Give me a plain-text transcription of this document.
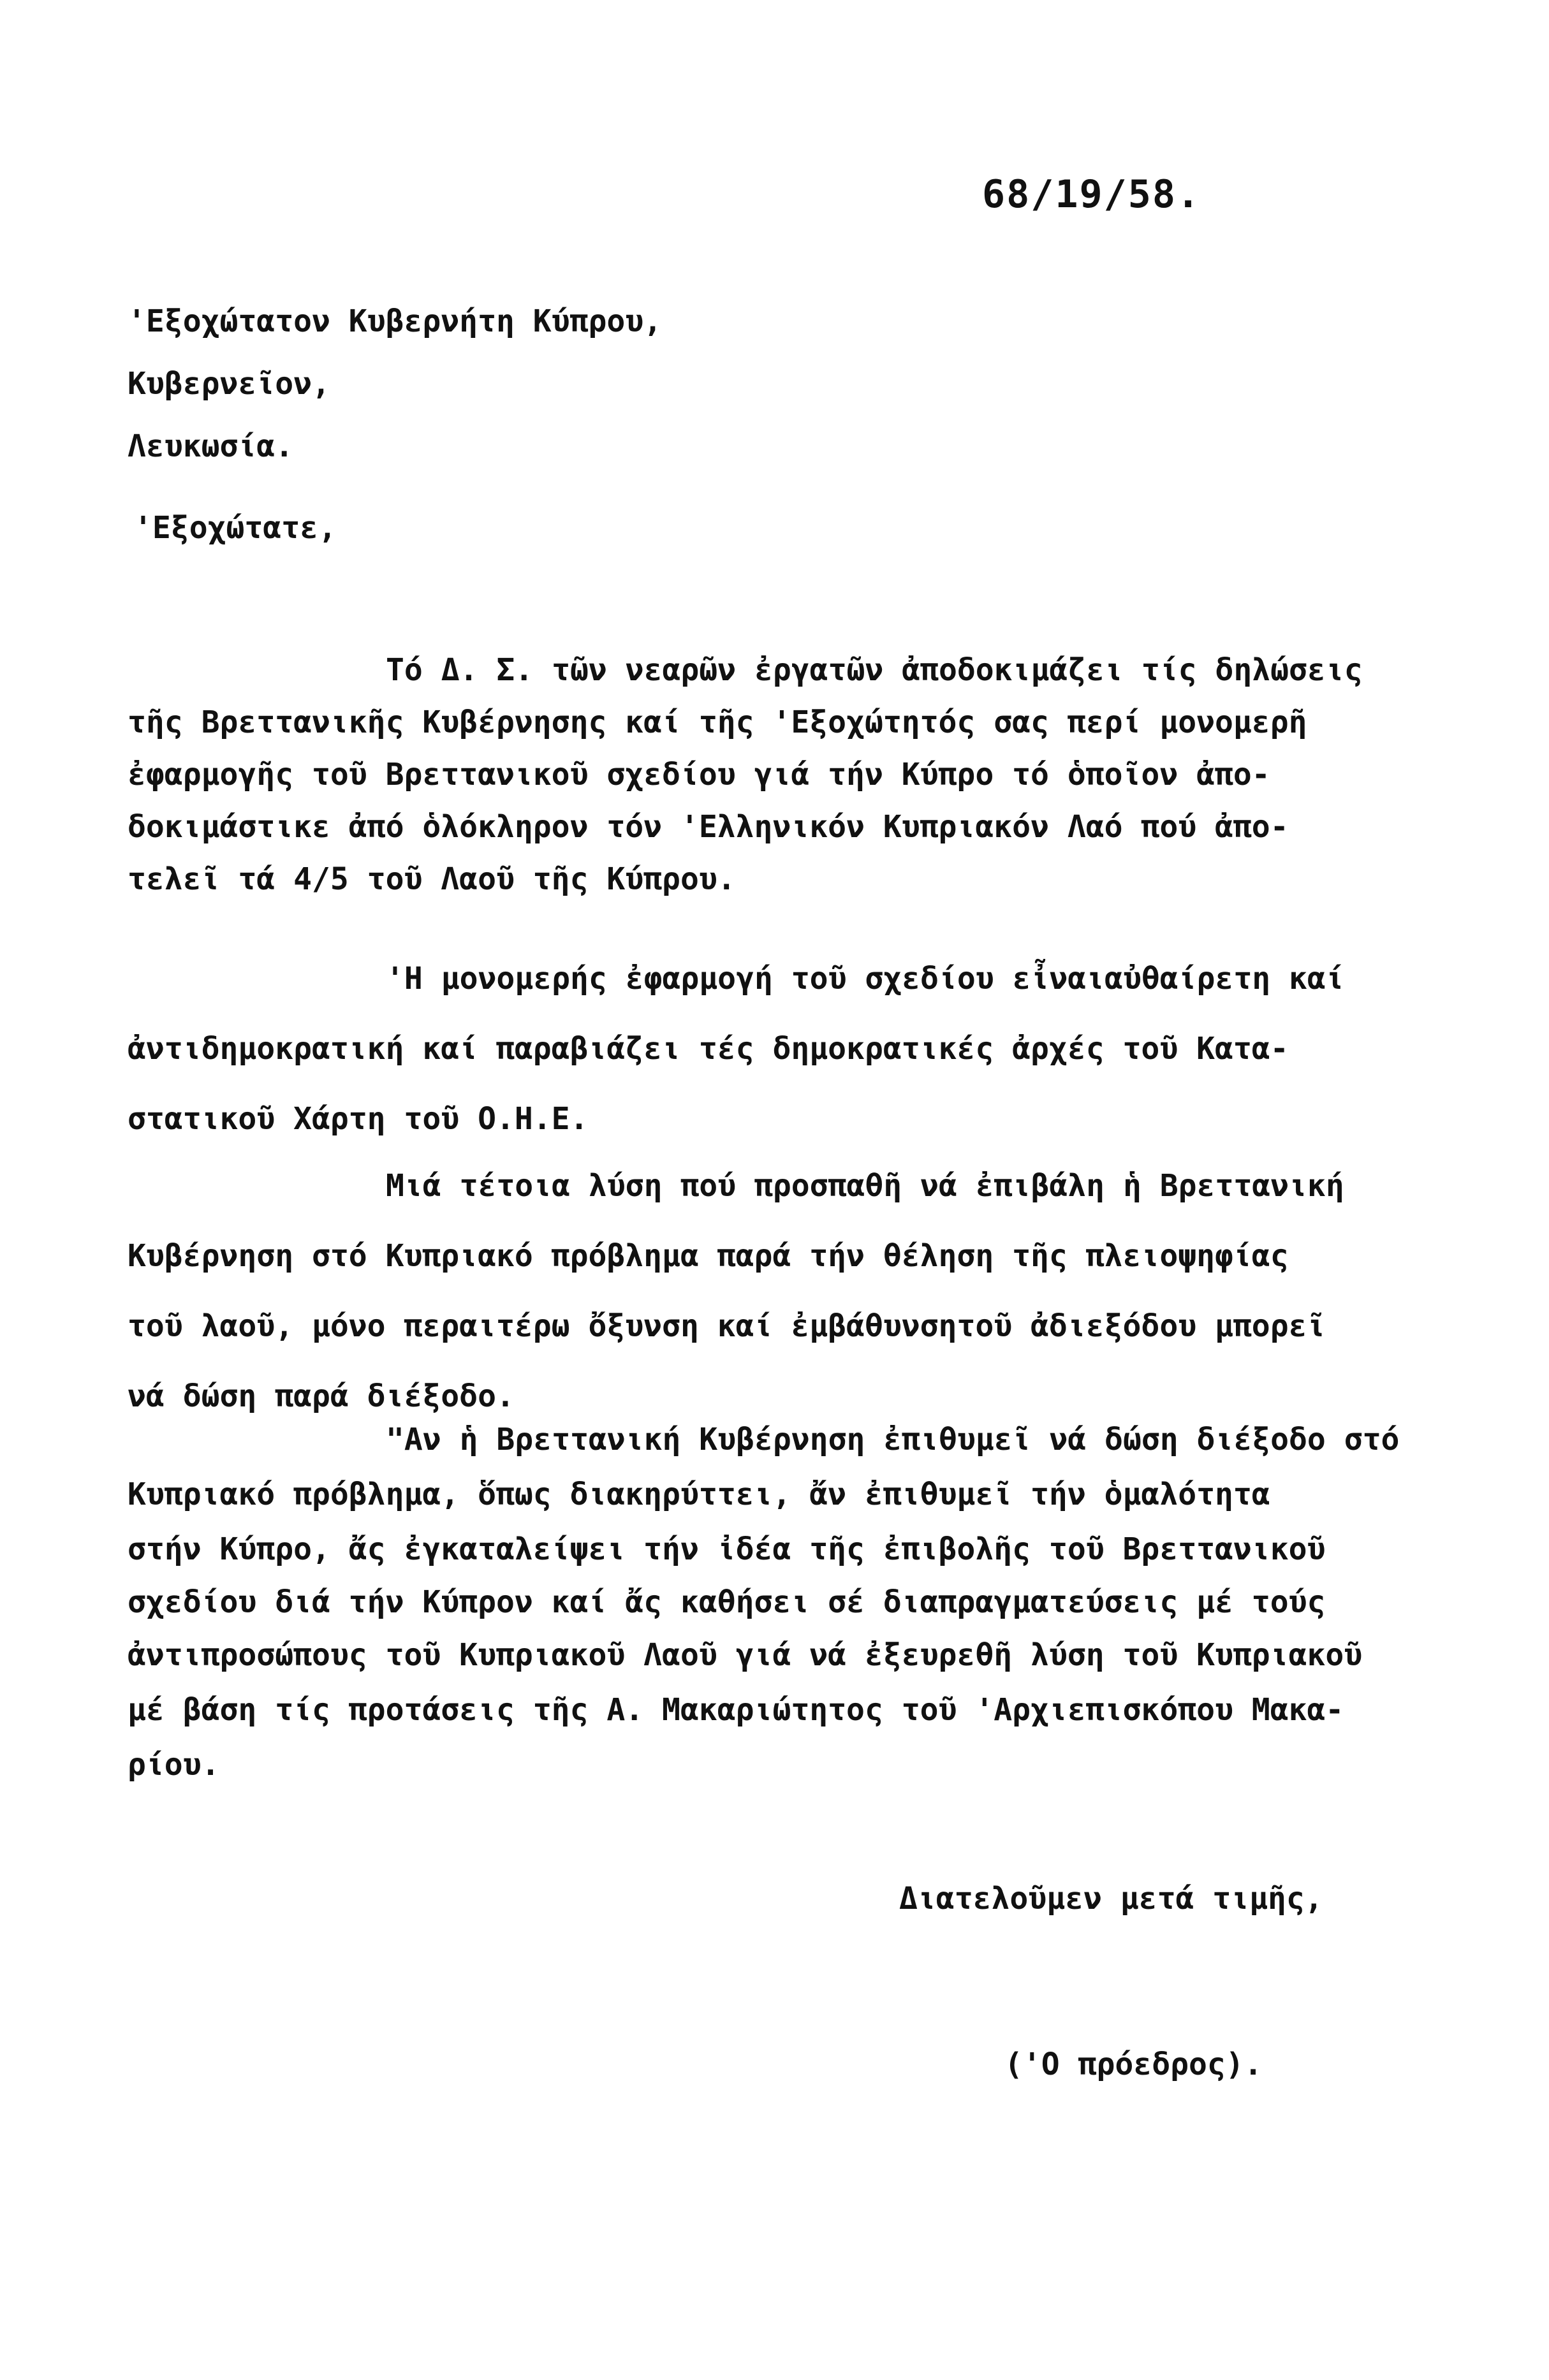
68/19/58.
'Εξοχώτατον Κυβερνήτη Κύπρου,
Κυβερνεῖον,
Λευκωσία.
'Εξοχώτατε,
Τό Δ. Σ. τῶν νεαρῶν ἐργατῶν ἀποδοκιμάζει τίς δηλώσεις
τῆς Βρεττανικῆς Κυβέρνησης καί τῆς 'Εξοχώτητός σας περί μονομερῆ
ἐφαρμογῆς τοῦ Βρεττανικοῦ σχεδίου γιά τήν Κύπρο τό ὁποῖον ἀπο-
δοκιμάστικε ἀπό ὁλόκληρον τόν 'Ελληνικόν Κυπριακόν Λαό πού ἀπο-
τελεῖ τά 4/5 τοῦ Λαοῦ τῆς Κύπρου.
'Η μονομερής ἐφαρμογή τοῦ σχεδίου εἶναιαὐθαίρετη καί
ἀντιδημοκρατική καί παραβιάζει τές δημοκρατικές ἀρχές τοῦ Κατα-
στατικοῦ Χάρτη τοῦ Ο.Η.Ε.
Μιά τέτοια λύση πού προσπαθῆ νά ἐπιβάλη ἡ Βρεττανική
Κυβέρνηση στό Κυπριακό πρόβλημα παρά τήν θέληση τῆς πλειοψηφίας
τοῦ λαοῦ, μόνο περαιτέρω ὄξυνση καί ἐμβάθυνσητοῦ ἀδιεξόδου μπορεῖ
νά δώση παρά διέξοδο.
"Αν ἡ Βρεττανική Κυβέρνηση ἐπιθυμεῖ νά δώση διέξοδο στό
Κυπριακό πρόβλημα, ὅπως διακηρύττει, ἄν ἐπιθυμεῖ τήν ὁμαλότητα
στήν Κύπρο, ἄς ἐγκαταλείψει τήν ἰδέα τῆς ἐπιβολῆς τοῦ Βρεττανικοῦ
σχεδίου διά τήν Κύπρον καί ἄς καθήσει σέ διαπραγματεύσεις μέ τούς
ἀντιπροσώπους τοῦ Κυπριακοῦ Λαοῦ γιά νά ἐξευρεθῆ λύση τοῦ Κυπριακοῦ
μέ βάση τίς προτάσεις τῆς Α. Μακαριώτητος τοῦ 'Αρχιεπισκόπου Μακα-
ρίου.
Διατελοῦμεν μετά τιμῆς,
('Ο πρόεδρος).
